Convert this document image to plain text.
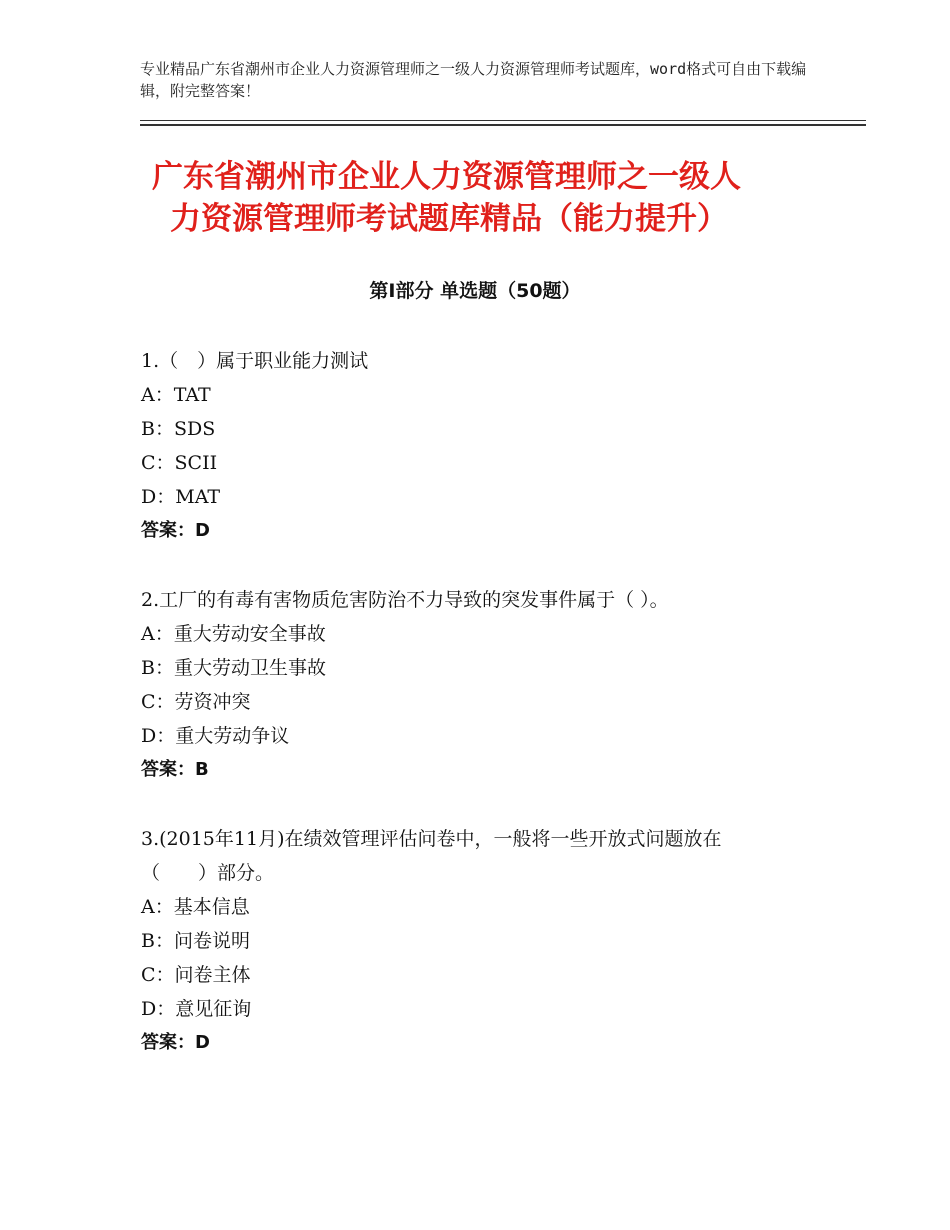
专业精品广东省潮州市企业人力资源管理师之一级人力资源管理师考试题库，word格式可自由下载编辑，附完整答案！
广东省潮州市企业人力资源管理师之一级人
力资源管理师考试题库精品（能力提升）
第Ⅰ部分 单选题（50题）
1.（　）属于职业能力测试
A：TAT
B：SDS
C：SCII
D：MAT
答案：D
2.工厂的有毒有害物质危害防治不力导致的突发事件属于（ ）。
A：重大劳动安全事故
B：重大劳动卫生事故
C：劳资冲突
D：重大劳动争议
答案：B
3.(2015年11月)在绩效管理评估问卷中，一般将一些开放式问题放在
（　　）部分。
A：基本信息
B：问卷说明
C：问卷主体
D：意见征询
答案：D
